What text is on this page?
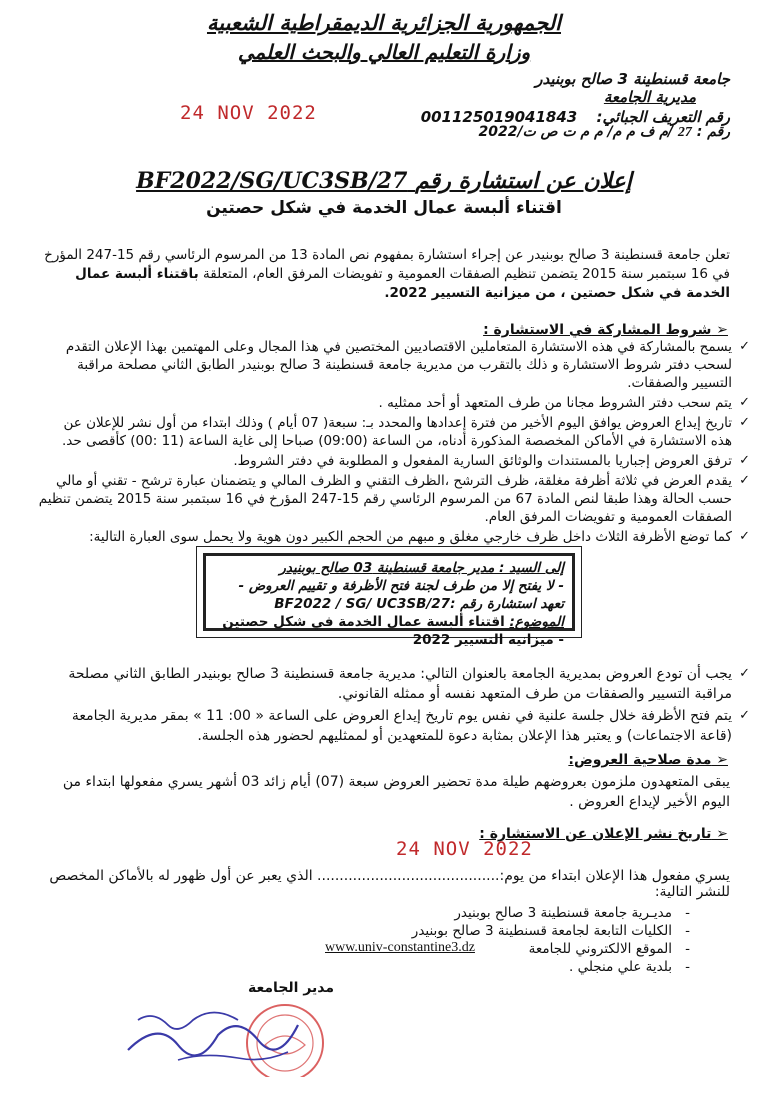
الجمهورية الجزائرية الديمقراطية الشعبية
وزارة التعليم العالي والبحث العلمي
جامعة قسنطينة 3 صالح بوبنيدر
مديرية الجامعة
رقم التعريف الجبائي: 001125019041843
رقم : 27 /م ف م م/ م م ت ص ت/2022
24 NOV 2022
إعلان عن استشارة رقم BF2022/SG/UC3SB/27
اقتناء ألبسة عمال الخدمة في شكل حصتين
تعلن جامعة قسنطينة 3 صالح بوبنيدر عن إجراء استشارة بمفهوم نص المادة 13 من المرسوم الرئاسي رقم 15-247 المؤرخ في 16 سبتمبر سنة 2015 يتضمن تنظيم الصفقات العمومية و تفويضات المرفق العام، المتعلقة باقتناء ألبسة عمال الخدمة في شكل حصتين ، من ميزانية التسيير 2022.
➢ شروط المشاركة في الاستشارة :
✓
يسمح بالمشاركة في هذه الاستشارة المتعاملين الاقتصاديين المختصين في هذا المجال وعلى المهتمين بهذا الإعلان التقدم لسحب دفتر شروط الاستشارة و ذلك بالتقرب من مديرية جامعة قسنطينة 3 صالح بوبنيدر الطابق الثاني مصلحة مراقبة التسيير والصفقات.
✓
يتم سحب دفتر الشروط مجانا من طرف المتعهد أو أحد ممثليه .
✓
تاريخ إيداع العروض يوافق اليوم الأخير من فترة إعدادها والمحدد بـ: سبعة( 07 أيام ) وذلك ابتداء من أول نشر للإعلان عن هذه الاستشارة في الأماكن المخصصة المذكورة أدناه، من الساعة (09:00) صباحا إلى غاية الساعة (11 :00) كأقصى حد.
✓
ترفق العروض إجباريا بالمستندات والوثائق السارية المفعول و المطلوبة في دفتر الشروط.
✓
يقدم العرض في ثلاثة أظرفة مغلقة، ظرف الترشح ،الظرف التقني و الظرف المالي و يتضمنان عبارة ترشح - تقني أو مالي حسب الحالة وهذا طبقا لنص المادة 67 من المرسوم الرئاسي رقم 15-247 المؤرخ في 16 سبتمبر سنة 2015 يتضمن تنظيم الصفقات العمومية و تفويضات المرفق العام.
✓
كما توضع الأظرفة الثلاث داخل ظرف خارجي مغلق و مبهم من الحجم الكبير دون هوية ولا يحمل سوى العبارة التالية:
إلى السيد : مدير جامعة قسنطينة 03 صالح بوبنيدر
- لا يفتح إلا من طرف لجنة فتح الأظرفة و تقييم العروض -
تعهد استشارة رقم :BF2022 / SG/ UC3SB/27
الموضوع: اقتناء ألبسة عمال الخدمة في شكل حصتين - ميزانية التسيير 2022
✓
يجب أن تودع العروض بمديرية الجامعة بالعنوان التالي: مديرية جامعة قسنطينة 3 صالح بوبنيدر الطابق الثاني مصلحة مراقبة التسيير والصفقات من طرف المتعهد نفسه أو ممثله القانوني.
✓
يتم فتح الأظرفة خلال جلسة علنية في نفس يوم تاريخ إيداع العروض على الساعة « 00: 11 » بمقر مديرية الجامعة (قاعة الاجتماعات) و يعتبر هذا الإعلان بمثابة دعوة للمتعهدين أو لممثليهم لحضور هذه الجلسة.
➢ مدة صلاحية العروض:
يبقى المتعهدون ملزمون بعروضهم طيلة مدة تحضير العروض سبعة (07) أيام زائد 03 أشهر يسري مفعولها ابتداء من اليوم الأخير لإيداع العروض .
➢ تاريخ نشر الإعلان عن الاستشارة :
24 NOV 2022
يسري مفعول هذا الإعلان ابتداء من يوم:......................................... الذي يعبر عن أول ظهور له بالأماكن المخصص للنشر التالية:
-
مديـرية جامعة قسنطينة 3 صالح بوبنيدر
-
الكليات التابعة لجامعة قسنطينة 3 صالح بوبنيدر
-
الموقع الالكتروني للجامعة
-
بلدية علي منجلي .
www.univ-constantine3.dz
مدير الجامعة
